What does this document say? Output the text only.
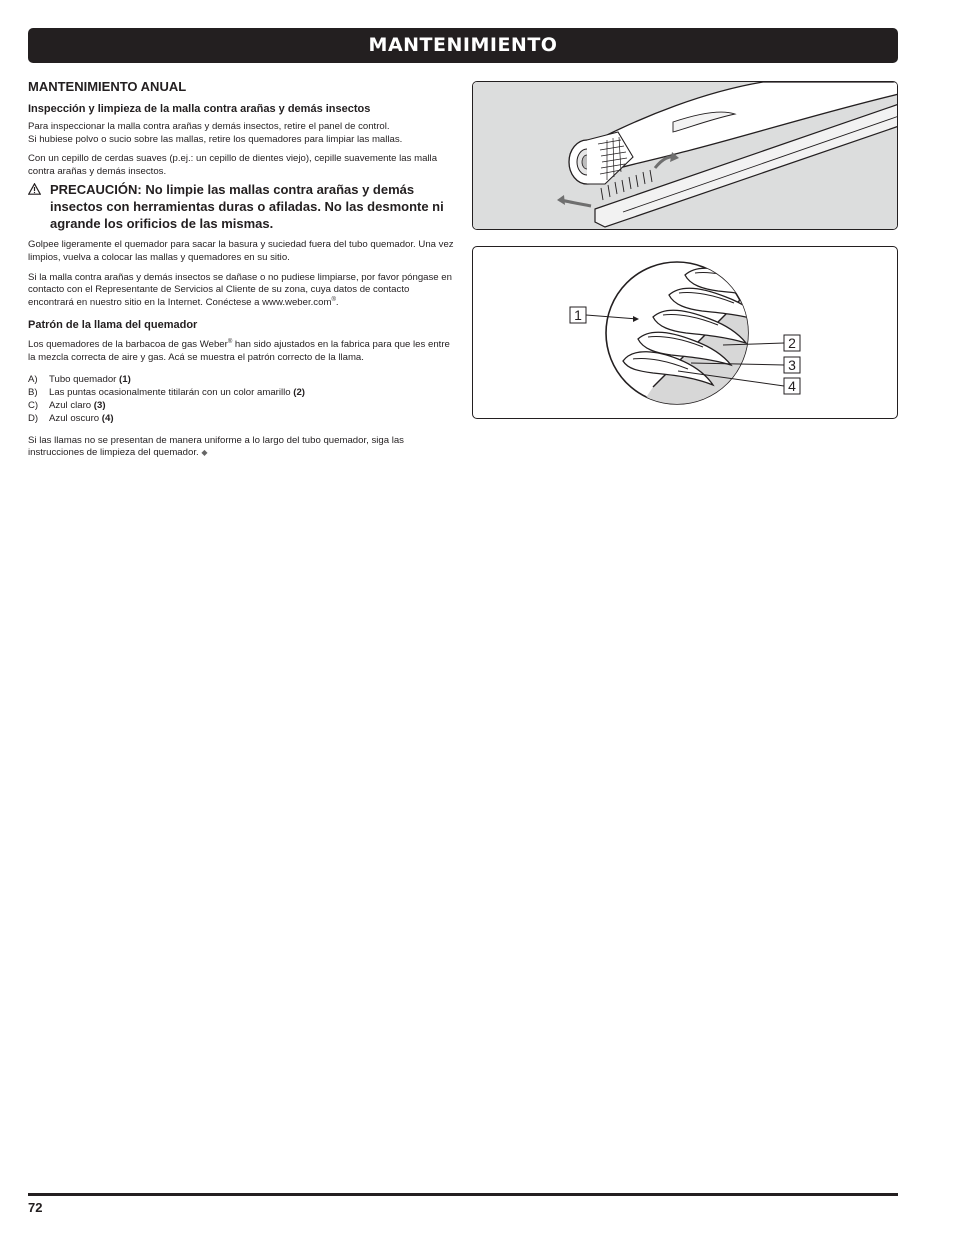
MANTENIMIENTO
MANTENIMIENTO ANUAL
Inspección y limpieza de la malla contra arañas y demás insectos
Para inspeccionar la malla contra arañas y demás insectos, retire el panel de control.
Si hubiese polvo o sucio sobre las mallas, retire los quemadores para limpiar las mallas.
Con un cepillo de cerdas suaves (p.ej.: un cepillo de dientes viejo), cepille suavemente las malla contra arañas y demás insectos.
PRECAUCIÓN: No limpie las mallas contra arañas y demás insectos con herramientas duras o afiladas. No las desmonte ni agrande los orificios de las mismas.
Golpee ligeramente el quemador para sacar la basura y suciedad fuera del tubo quemador. Una vez limpios, vuelva a colocar las mallas y quemadores en su sitio.
Si la malla contra arañas y demás insectos se dañase o no pudiese limpiarse, por favor póngase en contacto con el Representante de Servicios al Cliente de su zona, cuya datos de contacto encontrará en nuestro sitio en la Internet. Conéctese a www.weber.com®.
Patrón de la llama del quemador
Los quemadores de la barbacoa de gas Weber® han sido ajustados en la fabrica para que les entre la mezcla correcta de aire y gas. Acá se muestra el patrón correcto de la llama.
A)	Tubo quemador (1)
B)	Las puntas ocasionalmente titilarán con un color amarillo (2)
C)	Azul claro (3)
D)	Azul oscuro (4)
Si las llamas no se presentan de manera uniforme a lo largo del tubo quemador, siga las instrucciones de limpieza del quemador. ◆
1
2
3
4
72
